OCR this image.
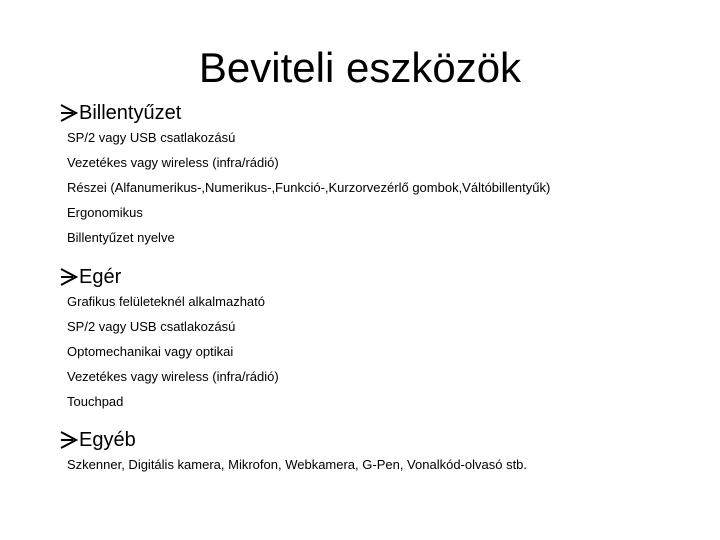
Beviteli eszközök
Billentyűzet
SP/2 vagy USB csatlakozású
Vezetékes vagy wireless (infra/rádió)
Részei (Alfanumerikus-,Numerikus-,Funkció-,Kurzorvezérlő gombok,Váltóbillentyűk)
Ergonomikus
Billentyűzet nyelve
Egér
Grafikus felületeknél alkalmazható
SP/2 vagy USB csatlakozású
Optomechanikai vagy optikai
Vezetékes vagy wireless (infra/rádió)
Touchpad
Egyéb
Szkenner, Digitális kamera, Mikrofon, Webkamera, G-Pen, Vonalkód-olvasó stb.
